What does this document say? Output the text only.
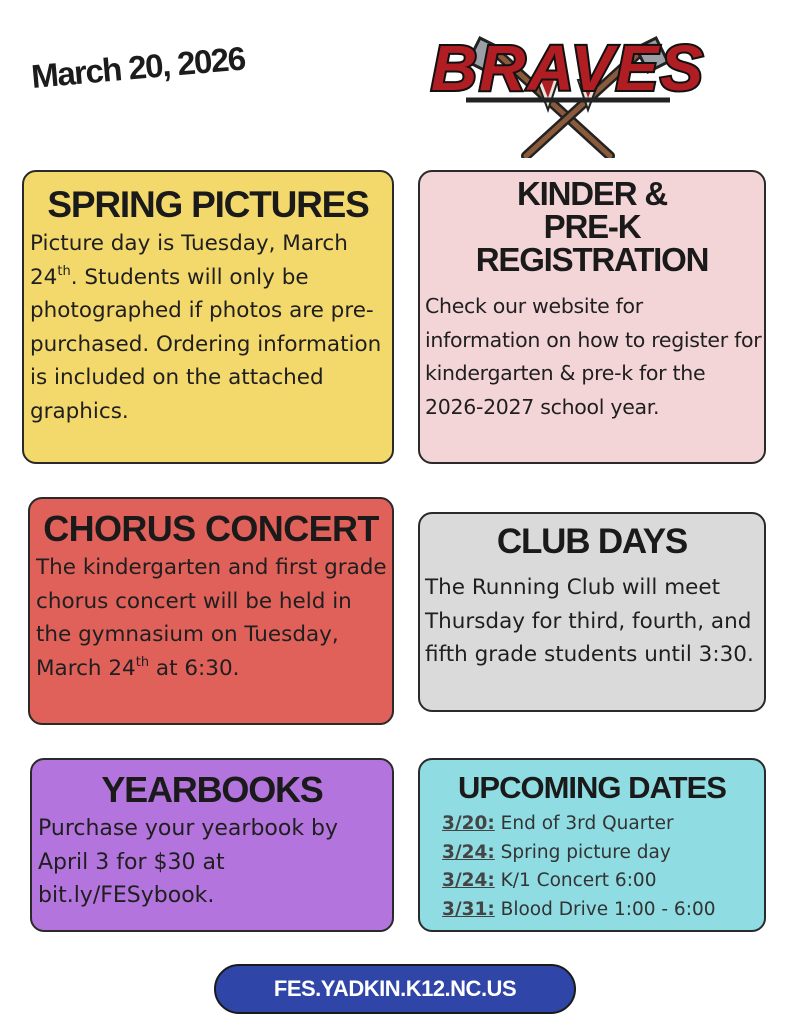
March 20, 2026	BRAVES
SPRING PICTURES

Picture day is Tuesday, March 24th. Students will only be photographed if photos are pre-purchased. Ordering information is included on the attached graphics.

KINDER &
PRE-K
REGISTRATION

Check our website for information on how to register for kindergarten & pre-k for the 2026-2027 school year.

CHORUS CONCERT

The kindergarten and first grade chorus concert will be held in the gymnasium on Tuesday, March 24th at 6:30.

CLUB DAYS

The Running Club will meet Thursday for third, fourth, and fifth grade students until 3:30.

YEARBOOKS

Purchase your yearbook by April 3 for $30 at bit.ly/FESybook.

UPCOMING DATES
3/20: End of 3rd Quarter
3/24: Spring picture day
3/24: K/1 Concert 6:00
3/31: Blood Drive 1:00 - 6:00
FES.YADKIN.K12.NC.US
